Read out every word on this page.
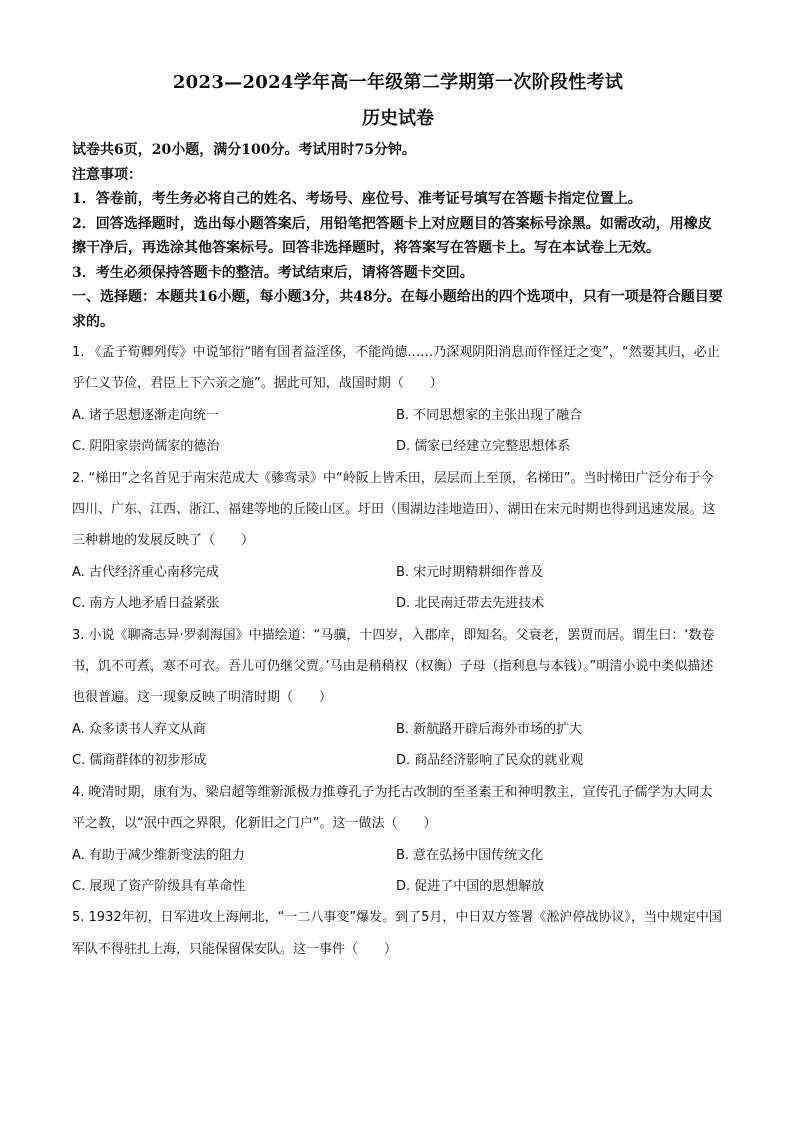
2023—2024学年高一年级第二学期第一次阶段性考试
历史试卷

试卷共6页，20小题，满分100分。考试用时75分钟。

注意事项：

1．答卷前，考生务必将自己的姓名、考场号、座位号、准考证号填写在答题卡指定位置上。

2．回答选择题时，选出每小题答案后，用铅笔把答题卡上对应题目的答案标号涂黑。如需改动，用橡皮擦干净后，再选涂其他答案标号。回答非选择题时，将答案写在答题卡上。写在本试卷上无效。

3．考生必须保持答题卡的整洁。考试结束后，请将答题卡交回。

一、选择题：本题共16小题，每小题3分，共48分。在每小题给出的四个选项中，只有一项是符合题目要求的。

1. 《孟子荀卿列传》中说邹衍“睹有国者益淫侈，不能尚德……乃深观阴阳消息而作怪迂之变”，“然要其归，必止乎仁义节俭，君臣上下六亲之施”。据此可知，战国时期（　　）

A. 诸子思想逐渐走向统一	B. 不同思想家的主张出现了融合
C. 阴阳家崇尚儒家的德治	D. 儒家已经建立完整思想体系

2. “梯田”之名首见于南宋范成大《骖鸾录》中“岭阪上皆禾田，层层而上至顶，名梯田”。当时梯田广泛分布于今四川、广东、江西、浙江、福建等地的丘陵山区。圩田（围湖边洼地造田）、湖田在宋元时期也得到迅速发展。这三种耕地的发展反映了（　　）

A. 古代经济重心南移完成	B. 宋元时期精耕细作普及
C. 南方人地矛盾日益紧张	D. 北民南迁带去先进技术

3. 小说《聊斋志异·罗刹海国》中描绘道：“马骥，十四岁，入郡庠，即知名。父衰老，罢贾而居。谓生曰：‘数卷书，饥不可煮，寒不可衣。吾儿可仍继父贾。’马由是稍稍权（权衡）子母（指利息与本钱）。”明清小说中类似描述也很普遍。这一现象反映了明清时期（　　）

A. 众多读书人弃文从商	B. 新航路开辟后海外市场的扩大
C. 儒商群体的初步形成	D. 商品经济影响了民众的就业观

4. 晚清时期，康有为、梁启超等维新派极力推尊孔子为托古改制的至圣素王和神明教主，宣传孔子儒学为大同太平之教，以“泯中西之界限，化新旧之门户”。这一做法（　　）

A. 有助于减少维新变法的阻力	B. 意在弘扬中国传统文化
C. 展现了资产阶级具有革命性	D. 促进了中国的思想解放

5. 1932年初，日军进攻上海闸北，“一二八事变”爆发。到了5月，中日双方签署《淞沪停战协议》，当中规定中国军队不得驻扎上海，只能保留保安队。这一事件（　　）
